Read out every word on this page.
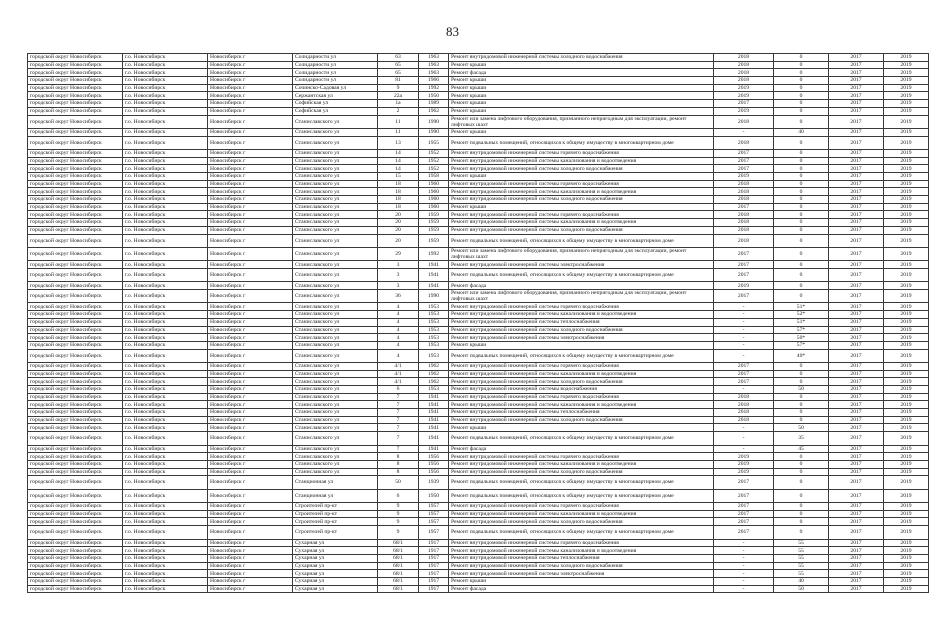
83
городской округ Новосибирск	г.о. Новосибирск	Новосибирск г	Солидарности ул	63	1963	Ремонт внутридомовой инженерной системы холодного водоснабжения	2018	0	2017	2019
городской округ Новосибирск	г.о. Новосибирск	Новосибирск г	Солидарности ул	65	1963	Ремонт крыши	2018	0	2017	2019
городской округ Новосибирск	г.о. Новосибирск	Новосибирск г	Солидарности ул	65	1963	Ремонт фасада	2018	0	2017	2019
городской округ Новосибирск	г.о. Новосибирск	Новосибирск г	Солидарности ул	81	1966	Ремонт крыши	2018	0	2017	2019
городской округ Новосибирск	г.о. Новосибирск	Новосибирск г	Сочинско-Садовая ул	9	1992	Ремонт крыши	2019	0	2017	2019
городской округ Новосибирск	г.о. Новосибирск	Новосибирск г	Сержантская ул	22а	1950	Ремонт крыши	2019	0	2017	2019
городской округ Новосибирск	г.о. Новосибирск	Новосибирск г	Софийская ул	1а	1989	Ремонт крыши	2017	0	2017	2019
городской округ Новосибирск	г.о. Новосибирск	Новосибирск г	Софийская ул	2	1962	Ремонт крыши	2019	0	2017	2019
городской округ Новосибирск	г.о. Новосибирск	Новосибирск г	Станиславского ул	11	1990	Ремонт или замена лифтового оборудования, признанного непригодным для эксплуатации, ремонт лифтовых шахт	2018	0	2017	2019
городской округ Новосибирск	г.о. Новосибирск	Новосибирск г	Станиславского ул	11	1990	Ремонт крыши	-	40	2017	2019
городской округ Новосибирск	г.о. Новосибирск	Новосибирск г	Станиславского ул	13	1955	Ремонт подвальных помещений, относящихся к общему имуществу в многоквартирном доме	2018	0	2017	2019
городской округ Новосибирск	г.о. Новосибирск	Новосибирск г	Станиславского ул	14	1952	Ремонт внутридомовой инженерной системы горячего водоснабжения	2017	0	2017	2019
городской округ Новосибирск	г.о. Новосибирск	Новосибирск г	Станиславского ул	14	1952	Ремонт внутридомовой инженерной системы канализования и водоотведения	2017	0	2017	2019
городской округ Новосибирск	г.о. Новосибирск	Новосибирск г	Станиславского ул	14	1952	Ремонт внутридомовой инженерной системы холодного водоснабжения	2017	0	2017	2019
городской округ Новосибирск	г.о. Новосибирск	Новосибирск г	Станиславского ул	15	1958	Ремонт крыши	2019	0	2017	2019
городской округ Новосибирск	г.о. Новосибирск	Новосибирск г	Станиславского ул	18	1960	Ремонт внутридомовой инженерной системы горячего водоснабжения	2018	0	2017	2019
городской округ Новосибирск	г.о. Новосибирск	Новосибирск г	Станиславского ул	18	1960	Ремонт внутридомовой инженерной системы канализования и водоотведения	2018	0	2017	2019
городской округ Новосибирск	г.о. Новосибирск	Новосибирск г	Станиславского ул	18	1960	Ремонт внутридомовой инженерной системы холодного водоснабжения	2018	0	2017	2019
городской округ Новосибирск	г.о. Новосибирск	Новосибирск г	Станиславского ул	18	1960	Ремонт крыши	2017	0	2017	2019
городской округ Новосибирск	г.о. Новосибирск	Новосибирск г	Станиславского ул	20	1959	Ремонт внутридомовой инженерной системы горячего водоснабжения	2018	0	2017	2019
городской округ Новосибирск	г.о. Новосибирск	Новосибирск г	Станиславского ул	20	1959	Ремонт внутридомовой инженерной системы канализования и водоотведения	2018	0	2017	2019
городской округ Новосибирск	г.о. Новосибирск	Новосибирск г	Станиславского ул	20	1959	Ремонт внутридомовой инженерной системы холодного водоснабжения	2018	0	2017	2019
городской округ Новосибирск	г.о. Новосибирск	Новосибирск г	Станиславского ул	20	1959	Ремонт подвальных помещений, относящихся к общему имуществу в многоквартирном доме	2018	0	2017	2019
городской округ Новосибирск	г.о. Новосибирск	Новосибирск г	Станиславского ул	29	1992	Ремонт или замена лифтового оборудования, признанного непригодным для эксплуатации, ремонт лифтовых шахт	2017	0	2017	2019
городской округ Новосибирск	г.о. Новосибирск	Новосибирск г	Станиславского ул	3	1941	Ремонт внутридомовой инженерной системы электроснабжения	2017	0	2017	2019
городской округ Новосибирск	г.о. Новосибирск	Новосибирск г	Станиславского ул	3	1941	Ремонт подвальных помещений, относящихся к общему имуществу в многоквартирном доме	2017	0	2017	2019
городской округ Новосибирск	г.о. Новосибирск	Новосибирск г	Станиславского ул	3	1941	Ремонт фасада	2019	0	2017	2019
городской округ Новосибирск	г.о. Новосибирск	Новосибирск г	Станиславского ул	36	1990	Ремонт или замена лифтового оборудования, признанного непригодным для эксплуатации, ремонт лифтовых шахт	2017	0	2017	2019
городской округ Новосибирск	г.о. Новосибирск	Новосибирск г	Станиславского ул	4	1953	Ремонт внутридомовой инженерной системы горячего водоснабжения	-	51*	2017	2019
городской округ Новосибирск	г.о. Новосибирск	Новосибирск г	Станиславского ул	4	1953	Ремонт внутридомовой инженерной системы канализования и водоотведения	-	52*	2017	2019
городской округ Новосибирск	г.о. Новосибирск	Новосибирск г	Станиславского ул	4	1953	Ремонт внутридомовой инженерной системы теплоснабжения	-	51*	2017	2019
городской округ Новосибирск	г.о. Новосибирск	Новосибирск г	Станиславского ул	4	1953	Ремонт внутридомовой инженерной системы холодного водоснабжения	-	57*	2017	2019
городской округ Новосибирск	г.о. Новосибирск	Новосибирск г	Станиславского ул	4	1953	Ремонт внутридомовой инженерной системы электроснабжения	-	50*	2017	2019
городской округ Новосибирск	г.о. Новосибирск	Новосибирск г	Станиславского ул	4	1953	Ремонт крыши	-	57*	2017	2019
городской округ Новосибирск	г.о. Новосибирск	Новосибирск г	Станиславского ул	4	1953	Ремонт подвальных помещений, относящихся к общему имуществу в многоквартирном доме	-	40*	2017	2019
городской округ Новосибирск	г.о. Новосибирск	Новосибирск г	Станиславского ул	4/1	1962	Ремонт внутридомовой инженерной системы горячего водоснабжения	2017	0	2017	2019
городской округ Новосибирск	г.о. Новосибирск	Новосибирск г	Станиславского ул	4/1	1962	Ремонт внутридомовой инженерной системы канализования и водоотведения	2017	0	2017	2019
городской округ Новосибирск	г.о. Новосибирск	Новосибирск г	Станиславского ул	4/1	1962	Ремонт внутридомовой инженерной системы холодного водоснабжения	2017	0	2017	2019
городской округ Новосибирск	г.о. Новосибирск	Новосибирск г	Станиславского ул	6	1953	Ремонт внутридомовой инженерной системы водоснабжения	-	50	2017	2019
городской округ Новосибирск	г.о. Новосибирск	Новосибирск г	Станиславского ул	7	1941	Ремонт внутридомовой инженерной системы горячего водоснабжения	2018	0	2017	2019
городской округ Новосибирск	г.о. Новосибирск	Новосибирск г	Станиславского ул	7	1941	Ремонт внутридомовой инженерной системы канализования и водоотведения	2018	0	2017	2019
городской округ Новосибирск	г.о. Новосибирск	Новосибирск г	Станиславского ул	7	1941	Ремонт внутридомовой инженерной системы теплоснабжения	2018	0	2017	2019
городской округ Новосибирск	г.о. Новосибирск	Новосибирск г	Станиславского ул	7	1941	Ремонт внутридомовой инженерной системы холодного водоснабжения	2018	0	2017	2019
городской округ Новосибирск	г.о. Новосибирск	Новосибирск г	Станиславского ул	7	1941	Ремонт крыши	-	50	2017	2019
городской округ Новосибирск	г.о. Новосибирск	Новосибирск г	Станиславского ул	7	1941	Ремонт подвальных помещений, относящихся к общему имуществу в многоквартирном доме	-	35	2017	2019
городской округ Новосибирск	г.о. Новосибирск	Новосибирск г	Станиславского ул	7	1941	Ремонт фасада	-	45	2017	2019
городской округ Новосибирск	г.о. Новосибирск	Новосибирск г	Станиславского ул	8	1956	Ремонт внутридомовой инженерной системы горячего водоснабжения	2019	0	2017	2019
городской округ Новосибирск	г.о. Новосибирск	Новосибирск г	Станиславского ул	8	1956	Ремонт внутридомовой инженерной системы канализования и водоотведения	2019	0	2017	2019
городской округ Новосибирск	г.о. Новосибирск	Новосибирск г	Станиславского ул	8	1956	Ремонт внутридомовой инженерной системы холодного водоснабжения	2019	0	2017	2019
городской округ Новосибирск	г.о. Новосибирск	Новосибирск г	Станционная ул	50	1939	Ремонт подвальных помещений, относящихся к общему имуществу в многоквартирном доме	2017	0	2017	2019
городской округ Новосибирск	г.о. Новосибирск	Новосибирск г	Станционная ул	6	1950	Ремонт подвальных помещений, относящихся к общему имуществу в многоквартирном доме	2017	0	2017	2019
городской округ Новосибирск	г.о. Новосибирск	Новосибирск г	Строителей пр-кт	9	1957	Ремонт внутридомовой инженерной системы горячего водоснабжения	2017	0	2017	2019
городской округ Новосибирск	г.о. Новосибирск	Новосибирск г	Строителей пр-кт	9	1957	Ремонт внутридомовой инженерной системы канализования и водоотведения	2017	0	2017	2019
городской округ Новосибирск	г.о. Новосибирск	Новосибирск г	Строителей пр-кт	9	1957	Ремонт внутридомовой инженерной системы холодного водоснабжения	2017	0	2017	2019
городской округ Новосибирск	г.о. Новосибирск	Новосибирск г	Строителей пр-кт	9	1957	Ремонт подвальных помещений, относящихся к общему имуществу в многоквартирном доме	2017	0	2017	2019
городской округ Новосибирск	г.о. Новосибирск	Новосибирск г	Сухарная ул	68/1	1917	Ремонт внутридомовой инженерной системы горячего водоснабжения	-	55	2017	2019
городской округ Новосибирск	г.о. Новосибирск	Новосибирск г	Сухарная ул	68/1	1917	Ремонт внутридомовой инженерной системы канализования и водоотведения	-	55	2017	2019
городской округ Новосибирск	г.о. Новосибирск	Новосибирск г	Сухарная ул	68/1	1917	Ремонт внутридомовой инженерной системы теплоснабжения	-	55	2017	2019
городской округ Новосибирск	г.о. Новосибирск	Новосибирск г	Сухарная ул	68/1	1917	Ремонт внутридомовой инженерной системы холодного водоснабжения	-	55	2017	2019
городской округ Новосибирск	г.о. Новосибирск	Новосибирск г	Сухарная ул	68/1	1917	Ремонт внутридомовой инженерной системы электроснабжения	-	55	2017	2019
городской округ Новосибирск	г.о. Новосибирск	Новосибирск г	Сухарная ул	68/1	1917	Ремонт крыши	-	40	2017	2019
городской округ Новосибирск	г.о. Новосибирск	Новосибирск г	Сухарная ул	68/1	1917	Ремонт фасада	-	50	2017	2019
